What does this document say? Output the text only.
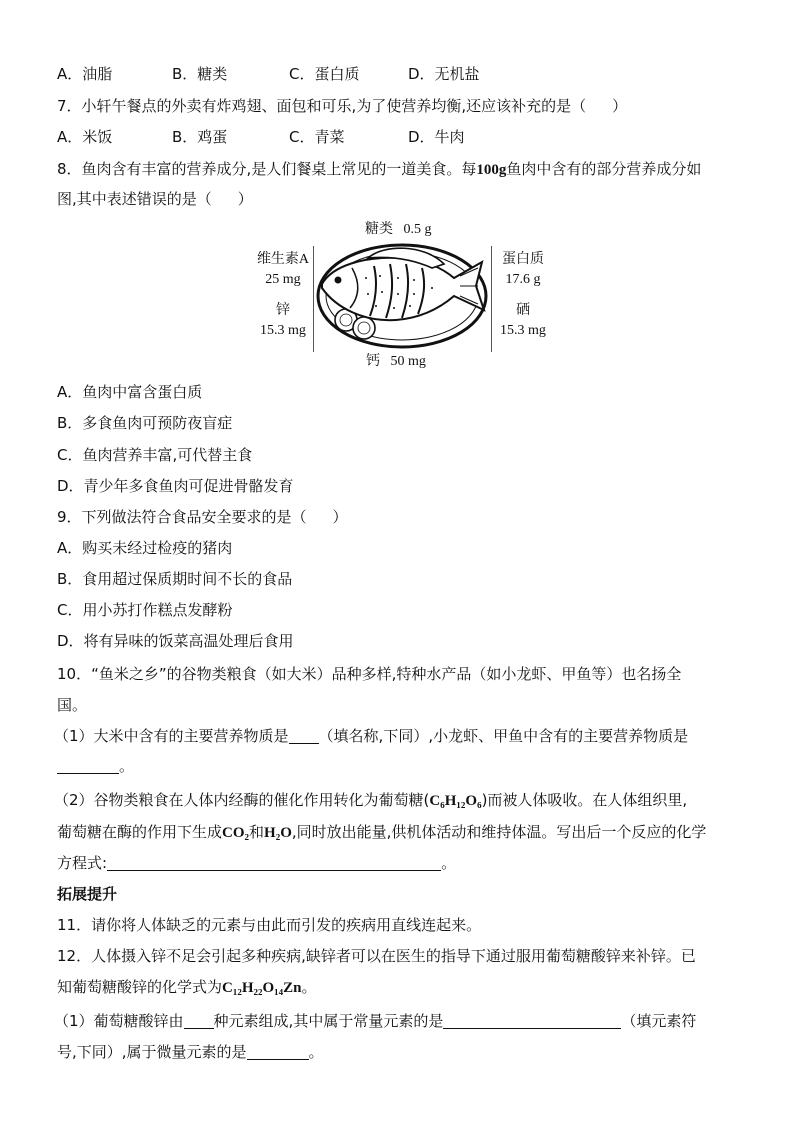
A．油脂	B．糖类	C．蛋白质	D．无机盐
7．小轩午餐点的外卖有炸鸡翅、面包和可乐,为了使营养均衡,还应该补充的是（ ）
A．米饭	B．鸡蛋	C．青菜	D．牛肉
8．鱼肉含有丰富的营养成分,是人们餐桌上常见的一道美食。每100g鱼肉中含有的部分营养成分如
图,其中表述错误的是（ ）
糖类 0.5 g
维生素A
25 mg
蛋白质
17.6 g
锌
15.3 mg
硒
15.3 mg
钙 50 mg
A．鱼肉中富含蛋白质
B．多食鱼肉可预防夜盲症
C．鱼肉营养丰富,可代替主食
D．青少年多食鱼肉可促进骨骼发育
9．下列做法符合食品安全要求的是（ ）
A．购买未经过检疫的猪肉
B．食用超过保质期时间不长的食品
C．用小苏打作糕点发酵粉
D．将有异味的饭菜高温处理后食用
10．“鱼米之乡”的谷物类粮食（如大米）品种多样,特种水产品（如小龙虾、甲鱼等）也名扬全
国。
（1）大米中含有的主要营养物质是 （填名称,下同）,小龙虾、甲鱼中含有的主要营养物质是
。
（2）谷物类粮食在人体内经酶的催化作用转化为葡萄糖(C₆H₁₂O₆)而被人体吸收。在人体组织里,
葡萄糖在酶的作用下生成CO₂和H₂O,同时放出能量,供机体活动和维持体温。写出后一个反应的化学
方程式:	。
拓展提升
11．请你将人体缺乏的元素与由此而引发的疾病用直线连起来。
12．人体摄入锌不足会引起多种疾病,缺锌者可以在医生的指导下通过服用葡萄糖酸锌来补锌。已
知葡萄糖酸锌的化学式为C₁₂H₂₂O₁₄Zn。
（1）葡萄糖酸锌由 种元素组成,其中属于常量元素的是	（填元素符
号,下同）,属于微量元素的是	。
